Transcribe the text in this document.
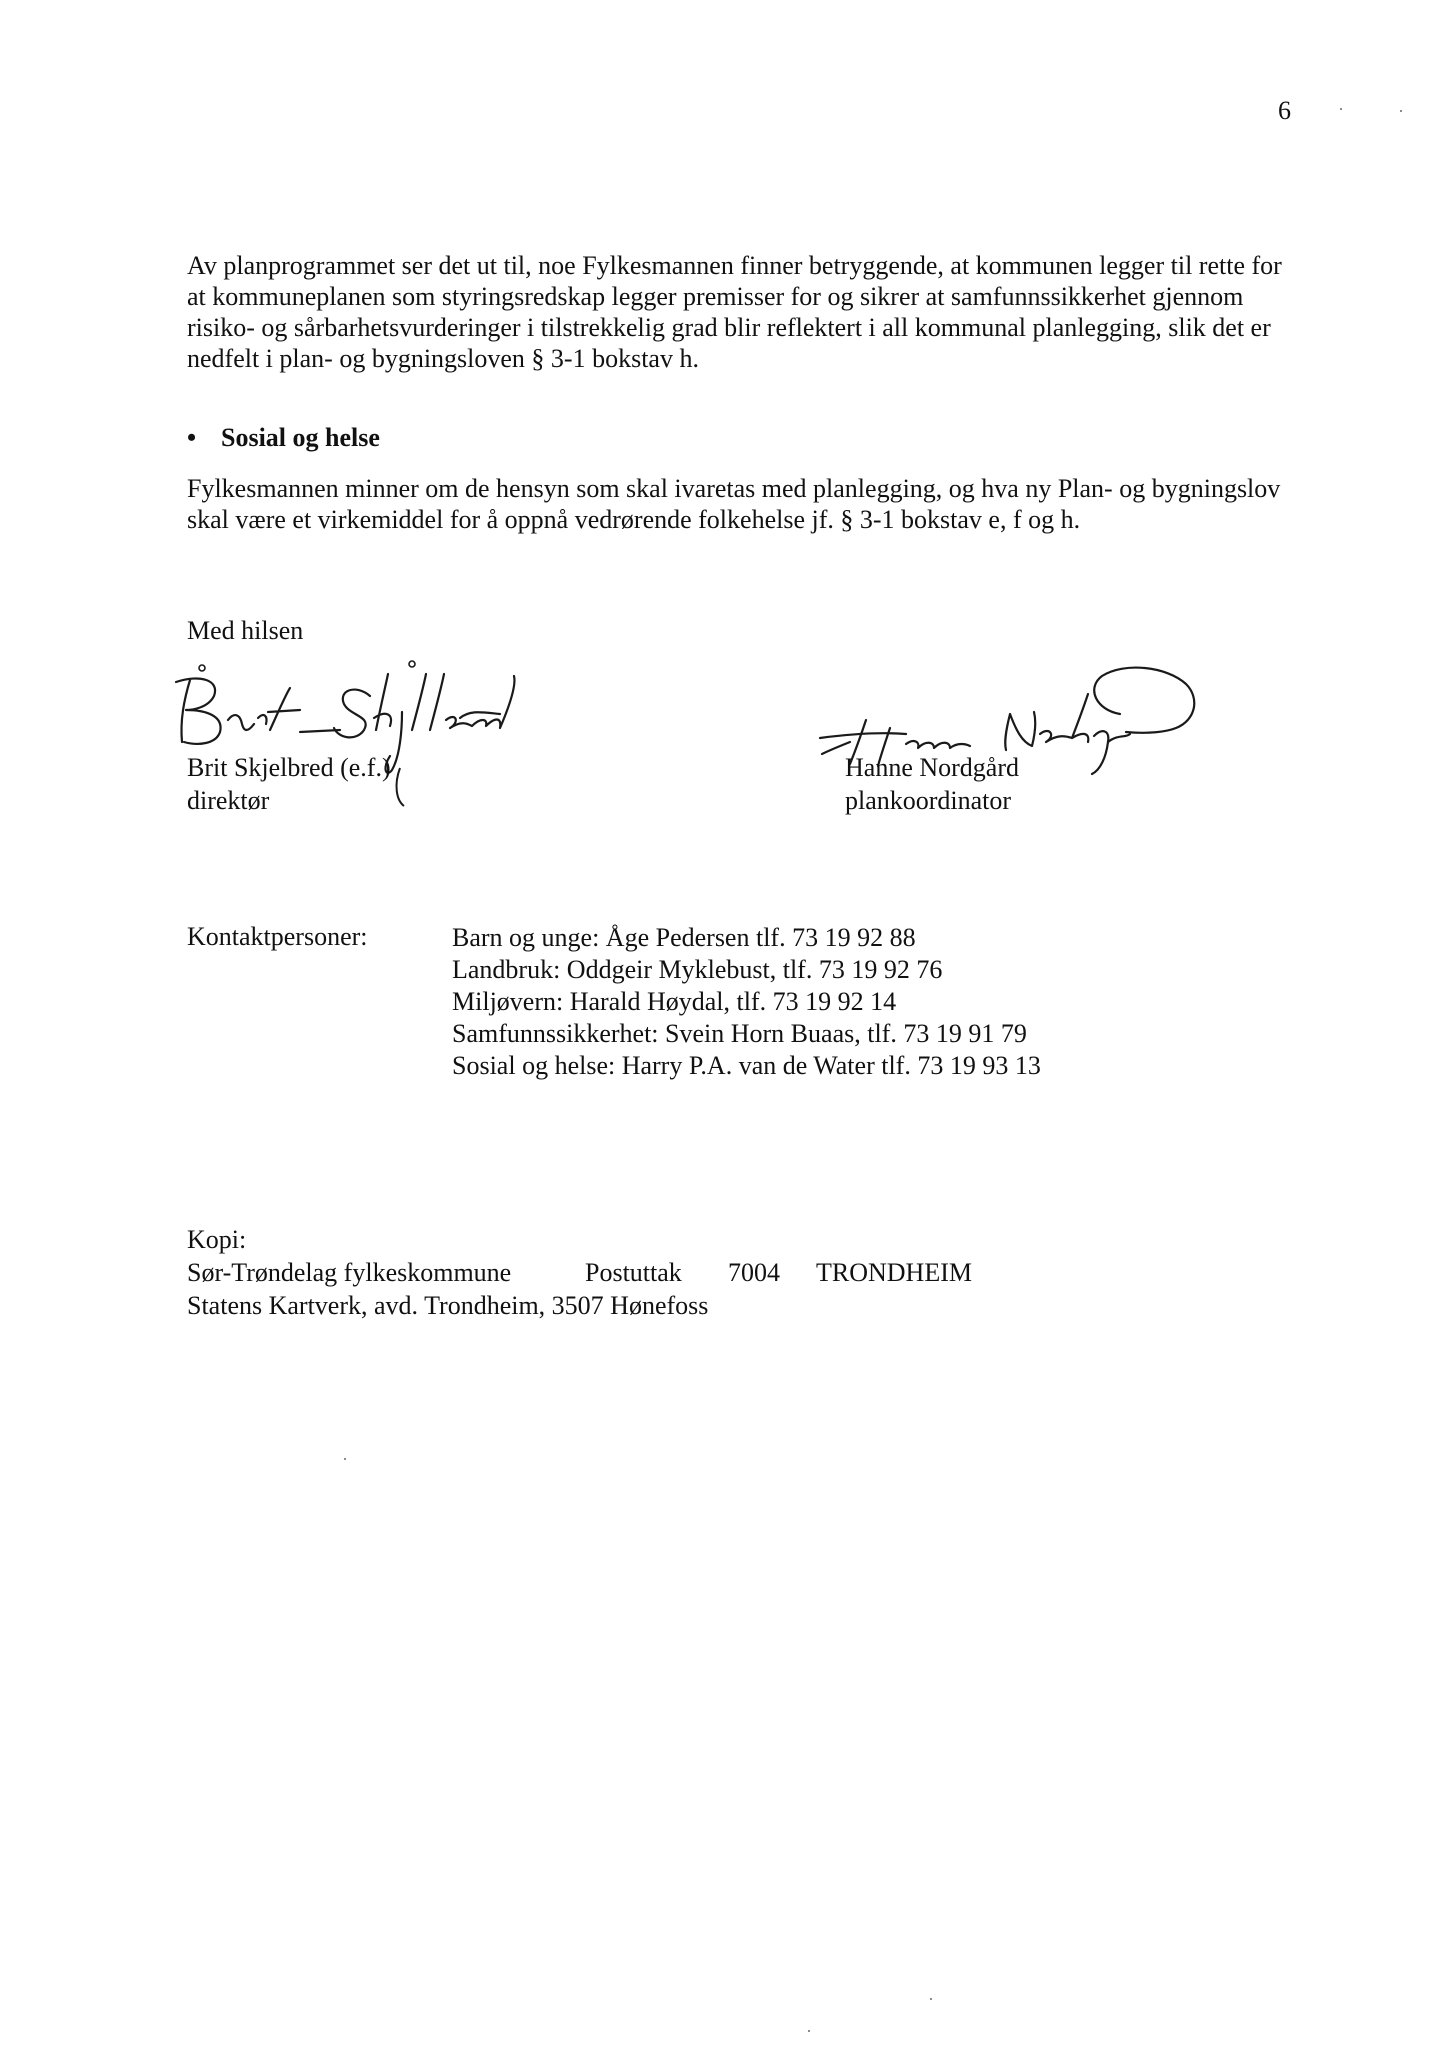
6
Av planprogrammet ser det ut til, noe Fylkesmannen finner betryggende, at kommunen legger til rette for at kommuneplanen som styringsredskap legger premisser for og sikrer at samfunnssikkerhet gjennom risiko- og sårbarhetsvurderinger i tilstrekkelig grad blir reflektert i all kommunal planlegging, slik det er nedfelt i plan- og bygningsloven § 3-1 bokstav h.
• Sosial og helse
Fylkesmannen minner om de hensyn som skal ivaretas med planlegging, og hva ny Plan- og bygningslov skal være et virkemiddel for å oppnå vedrørende folkehelse jf. § 3-1 bokstav e, f og h.
Med hilsen
Brit Skjelbred (e.f.)
direktør
Hanne Nordgård
plankoordinator
Kontaktpersoner:	Barn og unge: Åge Pedersen tlf. 73 19 92 88
Landbruk: Oddgeir Myklebust, tlf. 73 19 92 76
Miljøvern: Harald Høydal, tlf. 73 19 92 14
Samfunnssikkerhet: Svein Horn Buaas, tlf. 73 19 91 79
Sosial og helse: Harry P.A. van de Water tlf. 73 19 93 13
Kopi:
Sør-Trøndelag fylkeskommune	Postuttak 7004 TRONDHEIM
Statens Kartverk, avd. Trondheim, 3507 Hønefoss
